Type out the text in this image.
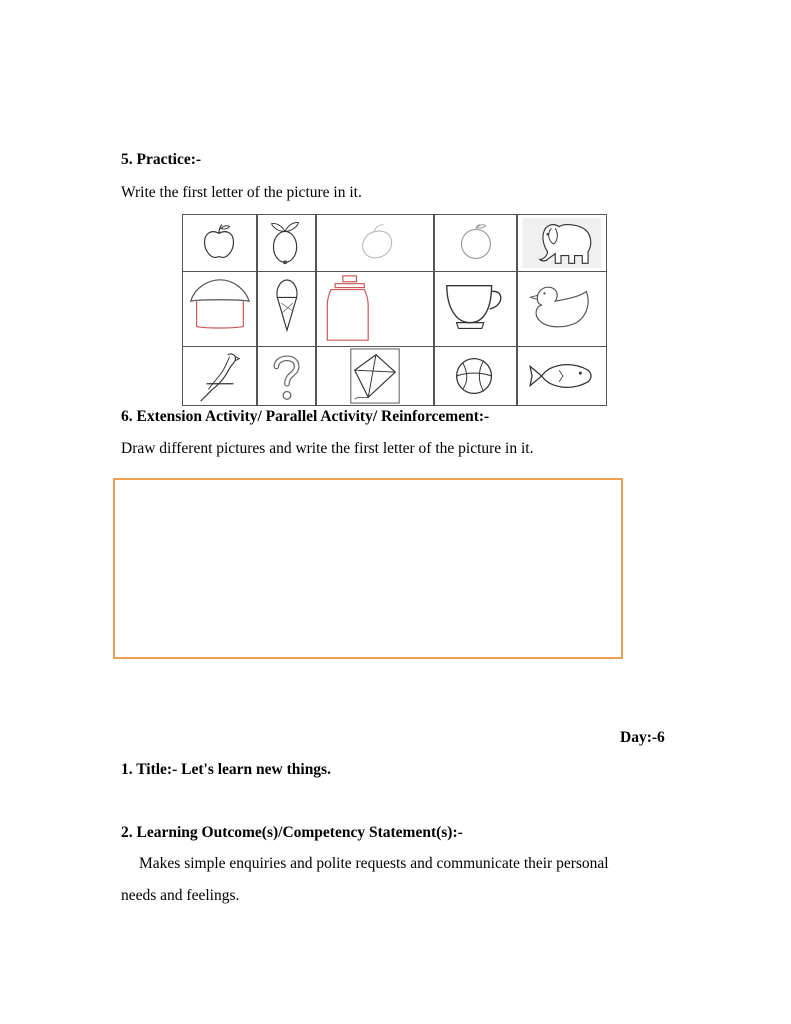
5. Practice:-
Write the first letter of the picture in it.
6. Extension Activity/ Parallel Activity/ Reinforcement:-
Draw different pictures and write the first letter of the picture in it.
Day:-6
1. Title:- Let's learn new things.
2. Learning Outcome(s)/Competency Statement(s):-
Makes simple enquiries and polite requests and communicate their personal
needs and feelings.
